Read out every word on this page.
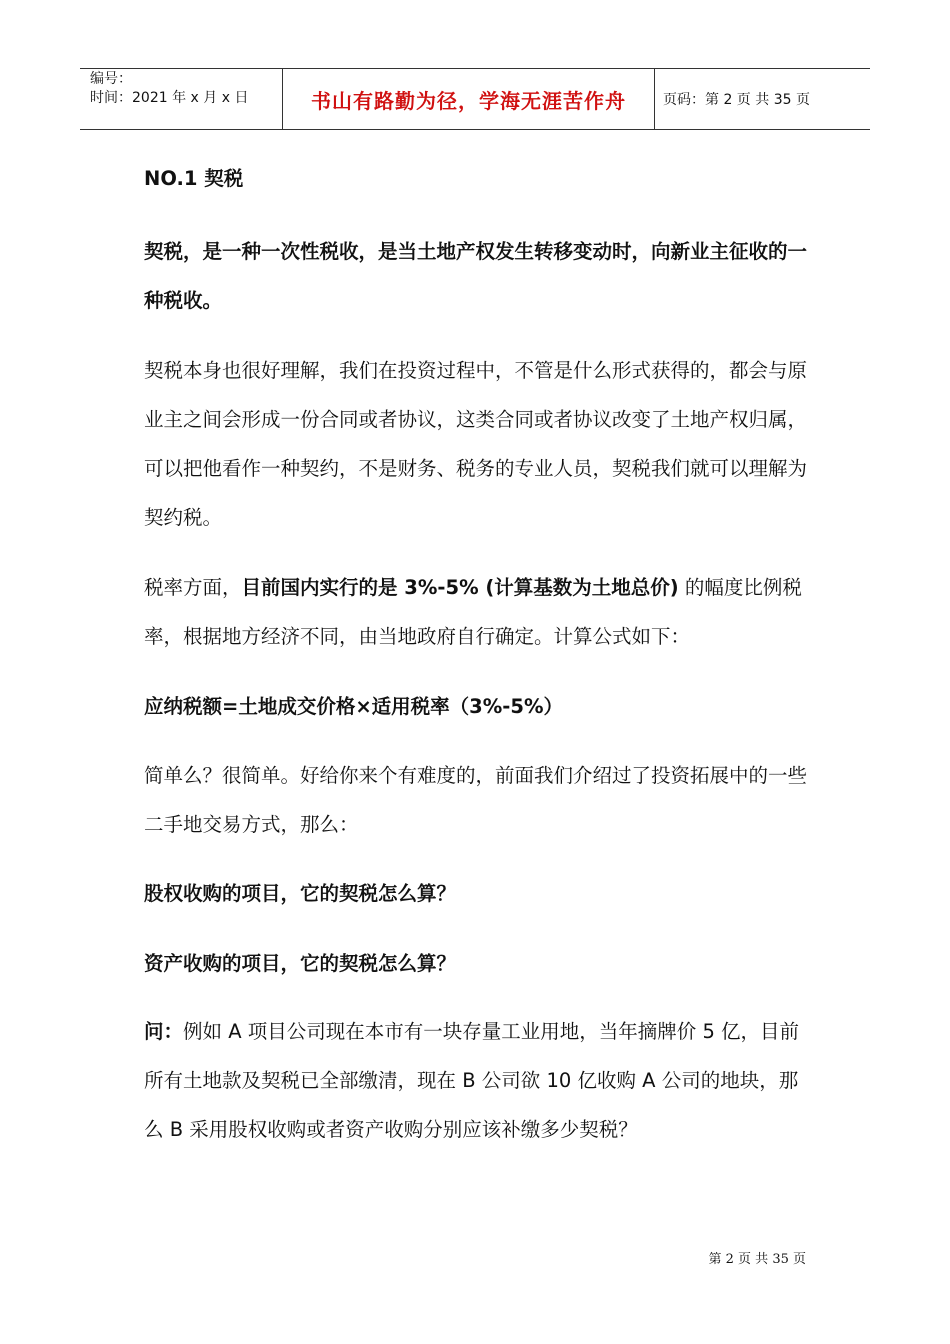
编号：
时间：2021 年 x 月 x 日	书山有路勤为径，学海无涯苦作舟	页码：第 2 页 共 35 页
NO.1 契税

契税，是一种一次性税收，是当土地产权发生转移变动时，向新业主征收的一种税收。

契税本身也很好理解，我们在投资过程中，不管是什么形式获得的，都会与原业主之间会形成一份合同或者协议，这类合同或者协议改变了土地产权归属，可以把他看作一种契约，不是财务、税务的专业人员，契税我们就可以理解为契约税。

税率方面，目前国内实行的是 3%-5% (计算基数为土地总价) 的幅度比例税率，根据地方经济不同，由当地政府自行确定。计算公式如下：

应纳税额=土地成交价格×适用税率（3%-5%）

简单么？很简单。好给你来个有难度的，前面我们介绍过了投资拓展中的一些二手地交易方式，那么：

股权收购的项目，它的契税怎么算？

资产收购的项目，它的契税怎么算？

问：例如 A 项目公司现在本市有一块存量工业用地，当年摘牌价 5 亿，目前所有土地款及契税已全部缴清，现在 B 公司欲 10 亿收购 A 公司的地块，那么 B 采用股权收购或者资产收购分别应该补缴多少契税？

第 2 页 共 35 页
